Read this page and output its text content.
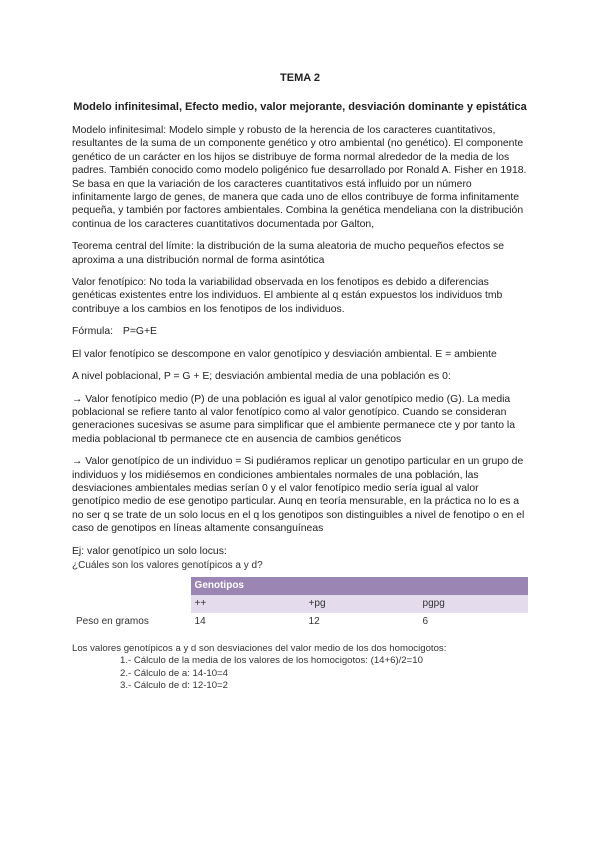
TEMA 2
Modelo infinitesimal, Efecto medio, valor mejorante, desviación dominante y epistática

Modelo infinitesimal: Modelo simple y robusto de la herencia de los caracteres cuantitativos, resultantes de la suma de un componente genético y otro ambiental (no genético). El componente genético de un carácter en los hijos se distribuye de forma normal alrededor de la media de los padres. También conocido como modelo poligénico fue desarrollado por Ronald A. Fisher en 1918. Se basa en que la variación de los caracteres cuantitativos está influido por un número infinitamente largo de genes, de manera que cada uno de ellos contribuye de forma infinitamente pequeña, y también por factores ambientales. Combina la genética mendeliana con la distribución continua de los caracteres cuantitativos documentada por Galton,

Teorema central del límite: la distribución de la suma aleatoria de mucho pequeños efectos se aproxima a una distribución normal de forma asintótica

Valor fenotípico: No toda la variabilidad observada en los fenotipos es debido a diferencias genéticas existentes entre los individuos. El ambiente al q están expuestos los individuos tmb contribuye a los cambios en los fenotipos de los individuos.

Fórmula: P=G+E

El valor fenotípico se descompone en valor genotípico y desviación ambiental. E = ambiente

A nivel poblacional, P = G + E; desviación ambiental media de una población es 0:

→ Valor fenotípico medio (P) de una población es igual al valor genotípico medio (G). La media poblacional se refiere tanto al valor fenotípico como al valor genotípico. Cuando se consideran generaciones sucesivas se asume para simplificar que el ambiente permanece cte y por tanto la media poblacional tb permanece cte en ausencia de cambios genéticos

→ Valor genotípico de un individuo = Si pudiéramos replicar un genotipo particular en un grupo de individuos y los midiésemos en condiciones ambientales normales de una población, las desviaciones ambientales medias serían 0 y el valor fenotípico medio sería igual al valor genotípico medio de ese genotipo particular. Aunq en teoría mensurable, en la práctica no lo es a no ser q se trate de un solo locus en el q los genotipos son distinguibles a nivel de fenotipo o en el caso de genotipos en líneas altamente consanguíneas

Ej: valor genotípico un solo locus:

¿Cuáles son los valores genotípicos a y d?
	Genotipos		
	++	+pg	pgpg
Peso en gramos	14	12	6
Los valores genotípicos a y d son desviaciones del valor medio de los dos homocigotos:
1.- Cálculo de la media de los valores de los homocigotos: (14+6)/2=10
2.- Cálculo de a: 14-10=4
3.- Cálculo de d: 12-10=2
